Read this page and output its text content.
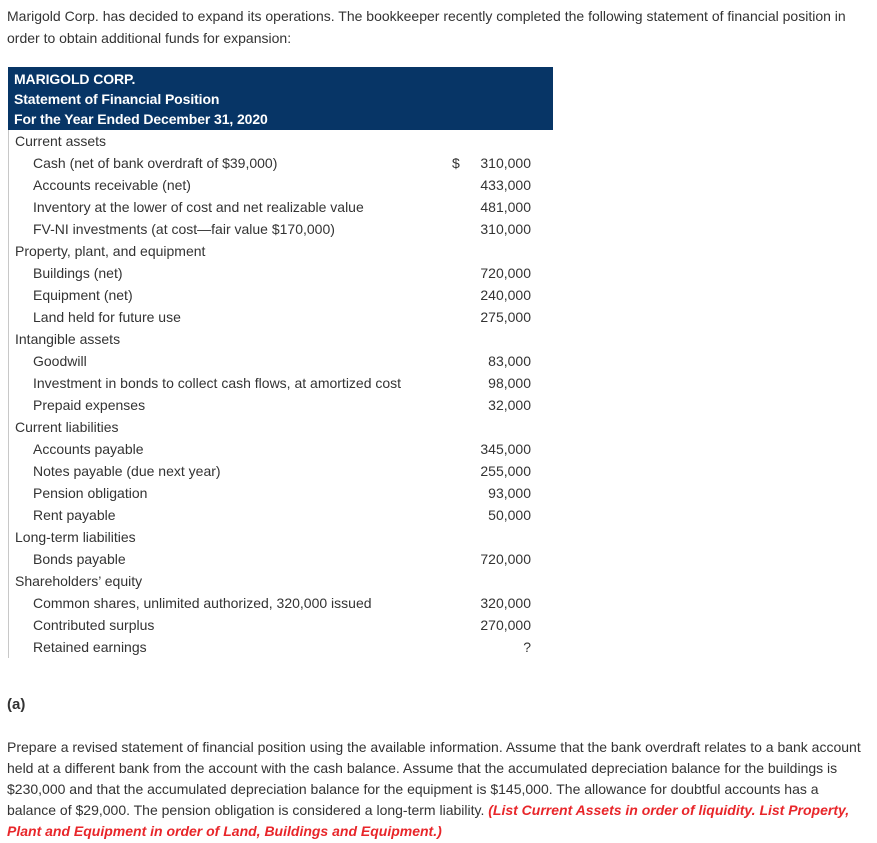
Marigold Corp. has decided to expand its operations. The bookkeeper recently completed the following statement of financial position in order to obtain additional funds for expansion:
MARIGOLD CORP.
Statement of Financial Position
For the Year Ended December 31, 2020
Current assets
Cash (net of bank overdraft of $39,000)	$ 310,000
Accounts receivable (net)	433,000
Inventory at the lower of cost and net realizable value	481,000
FV-NI investments (at cost—fair value $170,000)	310,000
Property, plant, and equipment
Buildings (net)	720,000
Equipment (net)	240,000
Land held for future use	275,000
Intangible assets
Goodwill	83,000
Investment in bonds to collect cash flows, at amortized cost	98,000
Prepaid expenses	32,000
Current liabilities
Accounts payable	345,000
Notes payable (due next year)	255,000
Pension obligation	93,000
Rent payable	50,000
Long-term liabilities
Bonds payable	720,000
Shareholders’ equity
Common shares, unlimited authorized, 320,000 issued	320,000
Contributed surplus	270,000
Retained earnings	?
(a)
Prepare a revised statement of financial position using the available information. Assume that the bank overdraft relates to a bank account held at a different bank from the account with the cash balance. Assume that the accumulated depreciation balance for the buildings is $230,000 and that the accumulated depreciation balance for the equipment is $145,000. The allowance for doubtful accounts has a balance of $29,000. The pension obligation is considered a long-term liability. (List Current Assets in order of liquidity. List Property, Plant and Equipment in order of Land, Buildings and Equipment.)
